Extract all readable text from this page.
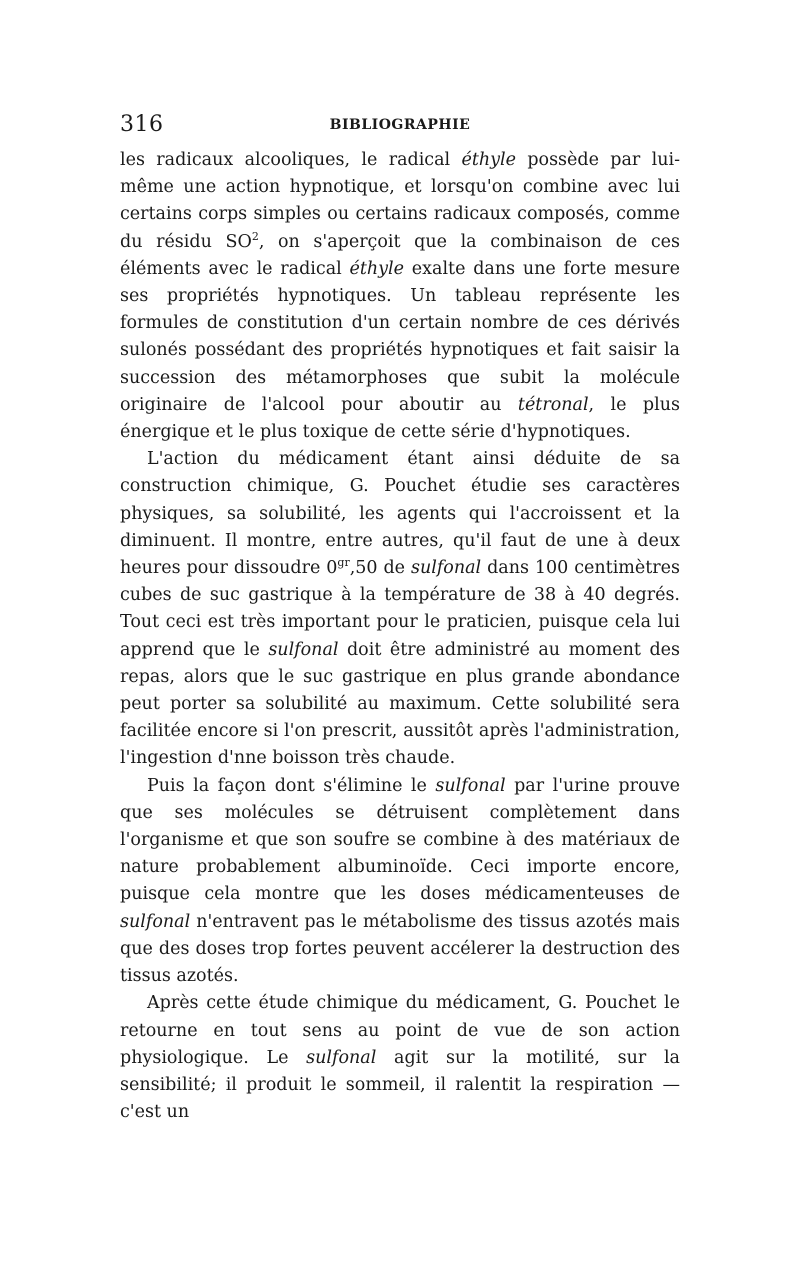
316	BIBLIOGRAPHIE

les radicaux alcooliques, le radical éthyle possède par lui-même une action hypnotique, et lorsqu'on combine avec lui certains corps simples ou certains radicaux composés, comme du résidu $SO^2$, on s'aperçoit que la combinaison de ces éléments avec le radical éthyle exalte dans une forte mesure ses propriétés hypnotiques. Un tableau représente les formules de constitution d'un certain nombre de ces dérivés sulonés possédant des propriétés hypnotiques et fait saisir la succession des métamorphoses que subit la molécule originaire de l'alcool pour aboutir au tétronal, le plus énergique et le plus toxique de cette série d'hypnotiques.

L'action du médicament étant ainsi déduite de sa construction chimique, G. Pouchet étudie ses caractères physiques, sa solubilité, les agents qui l'accroissent et la diminuent. Il montre, entre autres, qu'il faut de une à deux heures pour dissoudre $0^{gr},50$ de sulfonal dans 100 centimètres cubes de suc gastrique à la température de 38 à 40 degrés. Tout ceci est très important pour le praticien, puisque cela lui apprend que le sulfonal doit être administré au moment des repas, alors que le suc gastrique en plus grande abondance peut porter sa solubilité au maximum. Cette solubilité sera facilitée encore si l'on prescrit, aussitôt après l'administration, l'ingestion d'nne boisson très chaude.

Puis la façon dont s'élimine le sulfonal par l'urine prouve que ses molécules se détruisent complètement dans l'organisme et que son soufre se combine à des matériaux de nature probablement albuminoïde. Ceci importe encore, puisque cela montre que les doses médicamenteuses de sulfonal n'entravent pas le métabolisme des tissus azotés mais que des doses trop fortes peuvent accélerer la destruction des tissus azotés.

Après cette étude chimique du médicament, G. Pouchet le retourne en tout sens au point de vue de son action physiologique. Le sulfonal agit sur la motilité, sur la sensibilité; il produit le sommeil, il ralentit la respiration — c'est un
